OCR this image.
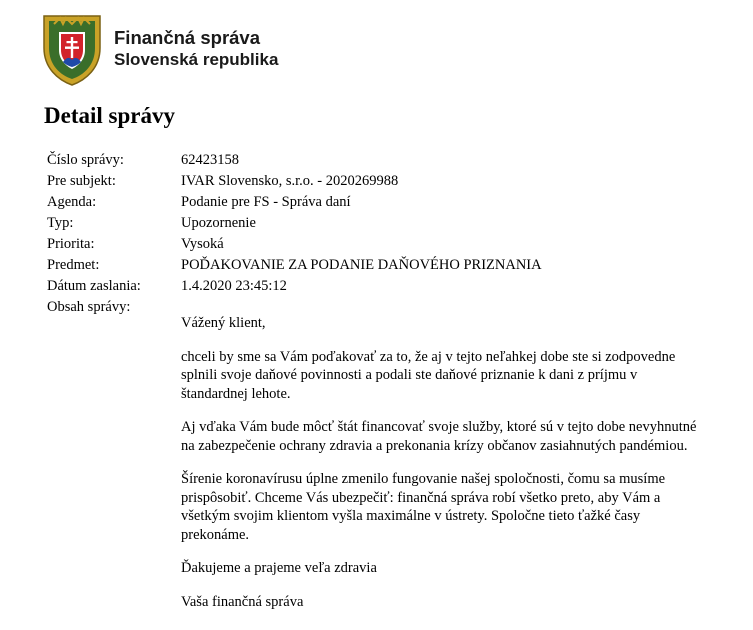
Finančná správa
Slovenská republika
Detail správy
Číslo správy:	62423158
Pre subjekt:	IVAR Slovensko, s.r.o. - 2020269988
Agenda:	Podanie pre FS - Správa daní
Typ:	Upozornenie
Priorita:	Vysoká
Predmet:	POĎAKOVANIE ZA PODANIE DAŇOVÉHO PRIZNANIA
Dátum zaslania:	1.4.2020 23:45:12
Obsah správy:

Vážený klient,

chceli by sme sa Vám poďakovať za to, že aj v tejto neľahkej dobe ste si zodpovedne splnili svoje daňové povinnosti a podali ste daňové priznanie k dani z príjmu v štandardnej lehote.

Aj vďaka Vám bude môcť štát financovať svoje služby, ktoré sú v tejto dobe nevyhnutné na zabezpečenie ochrany zdravia a prekonania krízy občanov zasiahnutých pandémiou.

Šírenie koronavírusu úplne zmenilo fungovanie našej spoločnosti, čomu sa musíme prispôsobiť. Chceme Vás ubezpečiť: finančná správa robí všetko preto, aby Vám a všetkým svojim klientom vyšla maximálne v ústrety. Spoločne tieto ťažké časy prekonáme.

Ďakujeme a prajeme veľa zdravia

Vaša finančná správa
